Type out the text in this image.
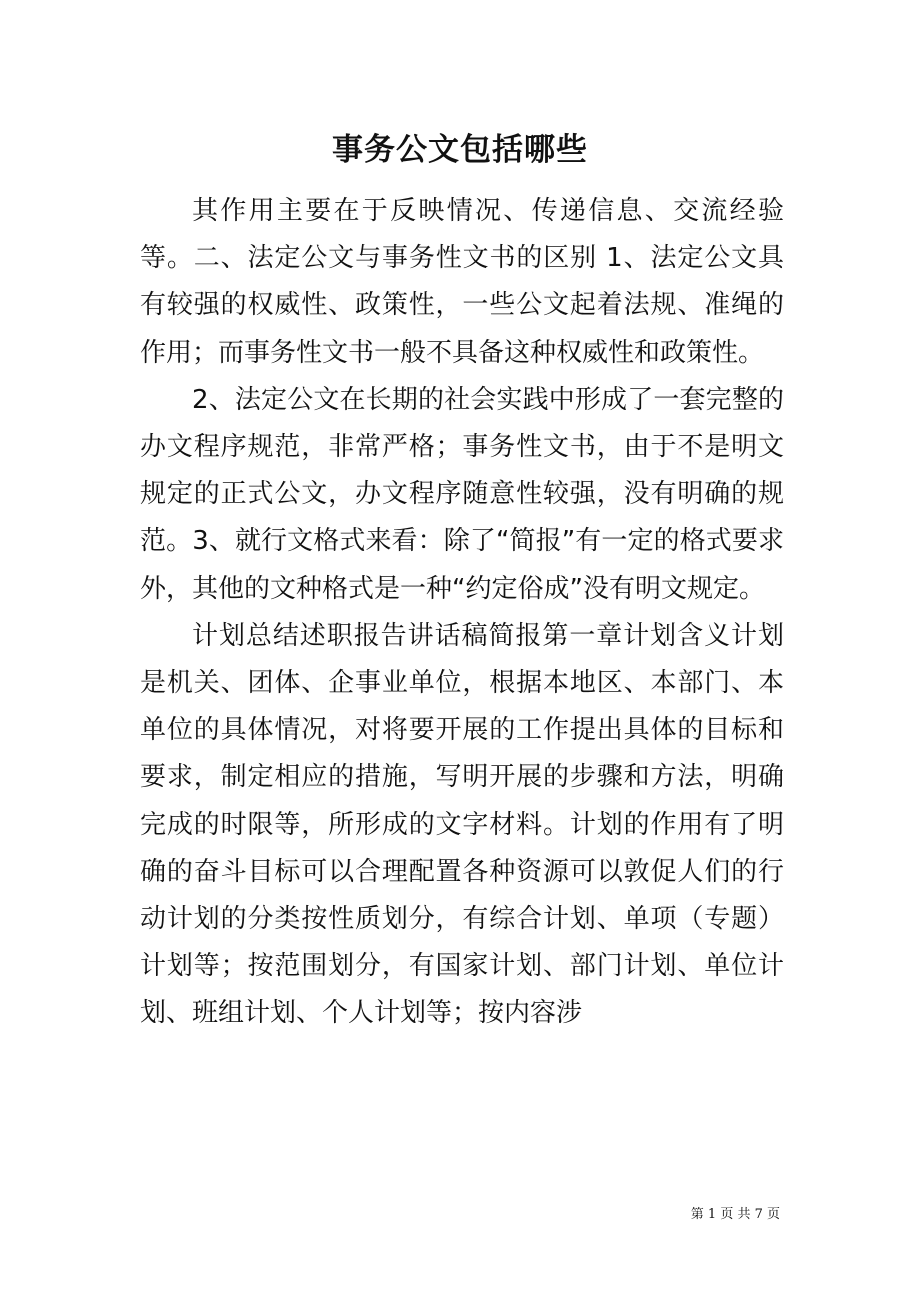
事务公文包括哪些

其作用主要在于反映情况、传递信息、交流经验等。二、法定公文与事务性文书的区别 1、法定公文具有较强的权威性、政策性，一些公文起着法规、准绳的作用；而事务性文书一般不具备这种权威性和政策性。

2、法定公文在长期的社会实践中形成了一套完整的办文程序规范，非常严格；事务性文书，由于不是明文规定的正式公文，办文程序随意性较强，没有明确的规范。3、就行文格式来看：除了“简报”有一定的格式要求外，其他的文种格式是一种“约定俗成”没有明文规定。

计划总结述职报告讲话稿简报第一章计划含义计划是机关、团体、企事业单位，根据本地区、本部门、本单位的具体情况，对将要开展的工作提出具体的目标和要求，制定相应的措施，写明开展的步骤和方法，明确完成的时限等，所形成的文字材料。计划的作用有了明确的奋斗目标可以合理配置各种资源可以敦促人们的行动计划的分类按性质划分，有综合计划、单项（专题）计划等；按范围划分，有国家计划、部门计划、单位计划、班组计划、个人计划等；按内容涉

第 1 页 共 7 页
